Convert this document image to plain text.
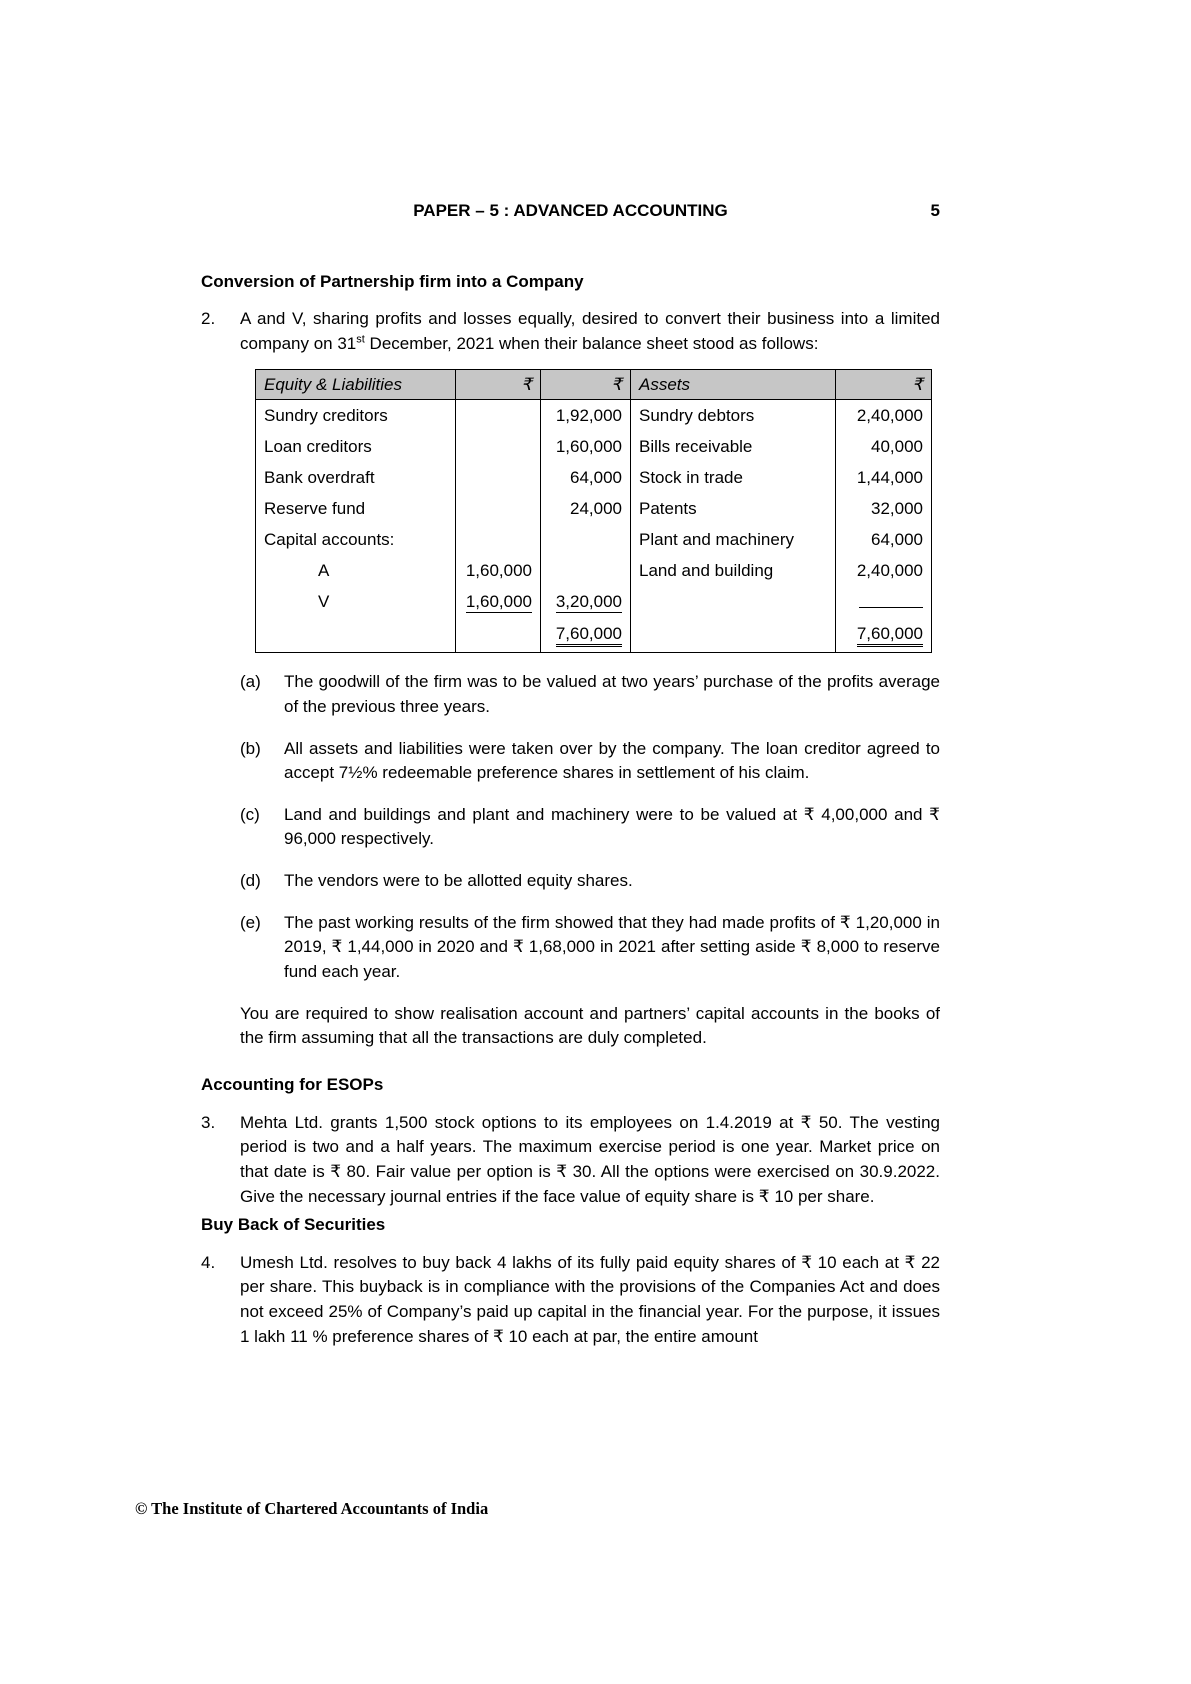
PAPER – 5 : ADVANCED ACCOUNTING	5
Conversion of Partnership firm into a Company
2.	A and V, sharing profits and losses equally, desired to convert their business into a limited company on 31st December, 2021 when their balance sheet stood as follows:
Equity & Liabilities	₹	₹	Assets	₹
Sundry creditors		1,92,000	Sundry debtors	2,40,000
Loan creditors		1,60,000	Bills receivable	40,000
Bank overdraft		64,000	Stock in trade	1,44,000
Reserve fund		24,000	Patents	32,000
Capital accounts:			Plant and machinery	64,000
A	1,60,000		Land and building	2,40,000
V	1,60,000	3,20,000		
		7,60,000		7,60,000
(a)	The goodwill of the firm was to be valued at two years’ purchase of the profits average of the previous three years.
(b)	All assets and liabilities were taken over by the company. The loan creditor agreed to accept 7½% redeemable preference shares in settlement of his claim.
(c)	Land and buildings and plant and machinery were to be valued at ₹ 4,00,000 and ₹ 96,000 respectively.
(d)	The vendors were to be allotted equity shares.
(e)	The past working results of the firm showed that they had made profits of ₹ 1,20,000 in 2019, ₹ 1,44,000 in 2020 and ₹ 1,68,000 in 2021 after setting aside ₹ 8,000 to reserve fund each year.
You are required to show realisation account and partners’ capital accounts in the books of the firm assuming that all the transactions are duly completed.
Accounting for ESOPs
3.	Mehta Ltd. grants 1,500 stock options to its employees on 1.4.2019 at ₹ 50. The vesting period is two and a half years. The maximum exercise period is one year. Market price on that date is ₹ 80. Fair value per option is ₹ 30. All the options were exercised on 30.9.2022. Give the necessary journal entries if the face value of equity share is ₹ 10 per share.
Buy Back of Securities
4.	Umesh Ltd. resolves to buy back 4 lakhs of its fully paid equity shares of ₹ 10 each at ₹ 22 per share. This buyback is in compliance with the provisions of the Companies Act and does not exceed 25% of Company’s paid up capital in the financial year. For the purpose, it issues 1 lakh 11 % preference shares of ₹ 10 each at par, the entire amount
© The Institute of Chartered Accountants of India
